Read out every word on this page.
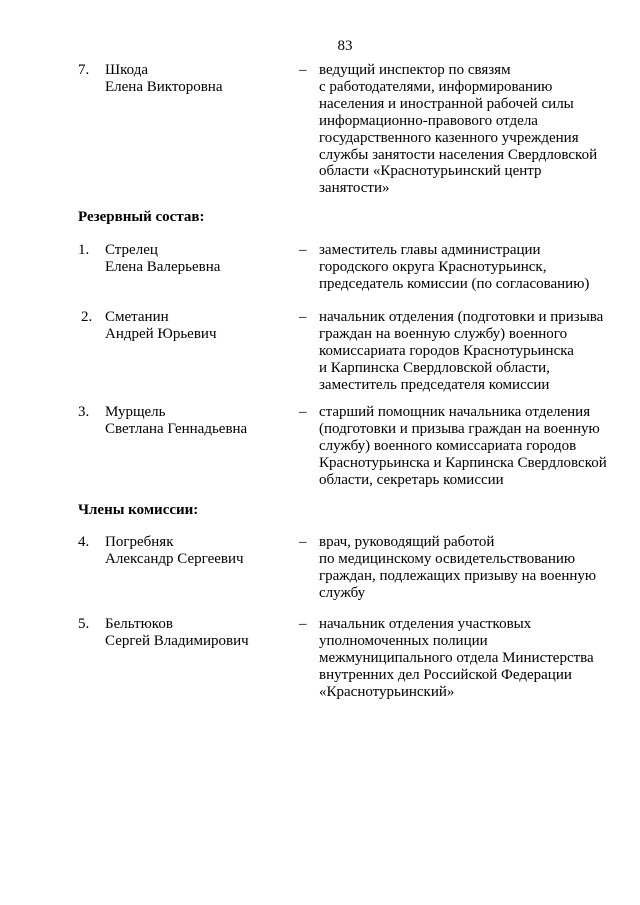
83
7. Шкода
Елена Викторовна
– ведущий инспектор по связям
с работодателями, информированию
населения и иностранной рабочей силы
информационно-правового отдела
государственного казенного учреждения
службы занятости населения Свердловской
области «Краснотурьинский центр
занятости»
Резервный состав:
1. Стрелец
Елена Валерьевна
– заместитель главы администрации
городского округа Краснотурьинск,
председатель комиссии (по согласованию)
2. Сметанин
Андрей Юрьевич
– начальник отделения (подготовки и призыва
граждан на военную службу) военного
комиссариата городов Краснотурьинска
и Карпинска Свердловской области,
заместитель председателя комиссии
3. Мурщель
Светлана Геннадьевна
– старший помощник начальника отделения
(подготовки и призыва граждан на военную
службу) военного комиссариата городов
Краснотурьинска и Карпинска Свердловской
области, секретарь комиссии
Члены комиссии:
4. Погребняк
Александр Сергеевич
– врач, руководящий работой
по медицинскому освидетельствованию
граждан, подлежащих призыву на военную
службу
5. Бельтюков
Сергей Владимирович
– начальник отделения участковых
уполномоченных полиции
межмуниципального отдела Министерства
внутренних дел Российской Федерации
«Краснотурьинский»
